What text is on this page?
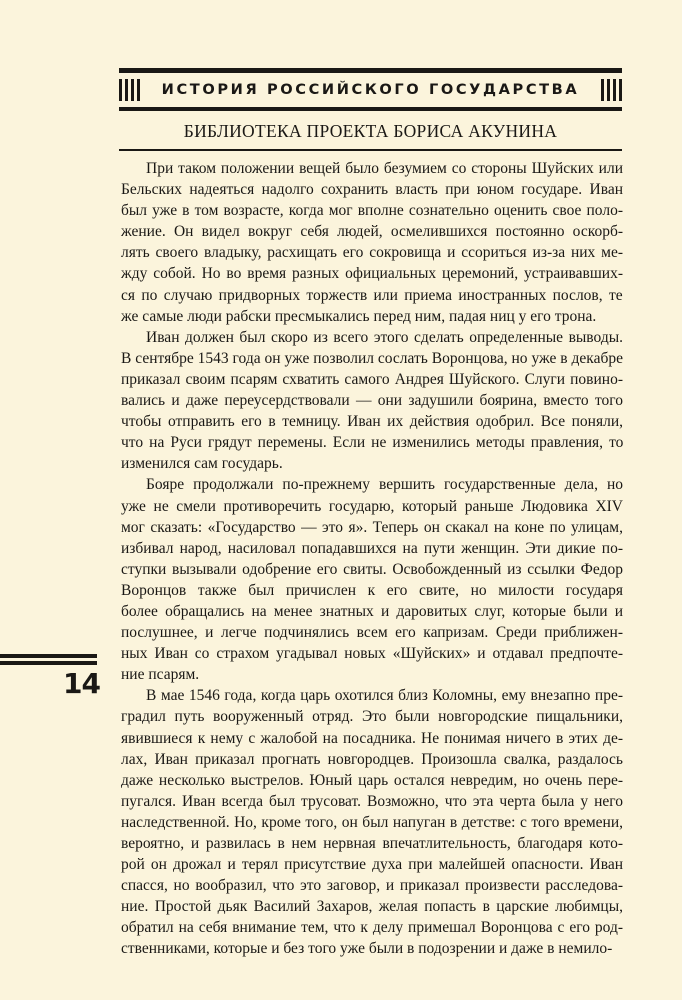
ИСТОРИЯ РОССИЙСКОГО ГОСУДАРСТВА
БИБЛИОТЕКА ПРОЕКТА БОРИСА АКУНИНА
При таком положении вещей было безумием со стороны Шуйских или
Бельских надеяться надолго сохранить власть при юном государе. Иван
был уже в том возрасте, когда мог вполне сознательно оценить свое поло-
жение. Он видел вокруг себя людей, осмелившихся постоянно оскорб-
лять своего владыку, расхищать его сокровища и ссориться из-за них ме-
жду собой. Но во время разных официальных церемоний, устраивавших-
ся по случаю придворных торжеств или приема иностранных послов, те
же самые люди рабски пресмыкались перед ним, падая ниц у его трона.
Иван должен был скоро из всего этого сделать определенные выводы.
В сентябре 1543 года он уже позволил сослать Воронцова, но уже в декабре
приказал своим псарям схватить самого Андрея Шуйского. Слуги повино-
вались и даже переусердствовали — они задушили боярина, вместо того
чтобы отправить его в темницу. Иван их действия одобрил. Все поняли,
что на Руси грядут перемены. Если не изменились методы правления, то
изменился сам государь.
Бояре продолжали по-прежнему вершить государственные дела, но
уже не смели противоречить государю, который раньше Людовика XIV
мог сказать: «Государство — это я». Теперь он скакал на коне по улицам,
избивал народ, насиловал попадавшихся на пути женщин. Эти дикие по-
ступки вызывали одобрение его свиты. Освобожденный из ссылки Федор
Воронцов также был причислен к его свите, но милости государя
более обращались на менее знатных и даровитых слуг, которые были и
послушнее, и легче подчинялись всем его капризам. Среди приближен-
ных Иван со страхом угадывал новых «Шуйских» и отдавал предпочте-
ние псарям.
В мае 1546 года, когда царь охотился близ Коломны, ему внезапно пре-
градил путь вооруженный отряд. Это были новгородские пищальники,
явившиеся к нему с жалобой на посадника. Не понимая ничего в этих де-
лах, Иван приказал прогнать новгородцев. Произошла свалка, раздалось
даже несколько выстрелов. Юный царь остался невредим, но очень пере-
пугался. Иван всегда был трусоват. Возможно, что эта черта была у него
наследственной. Но, кроме того, он был напуган в детстве: с того времени,
вероятно, и развилась в нем нервная впечатлительность, благодаря кото-
рой он дрожал и терял присутствие духа при малейшей опасности. Иван
спасся, но вообразил, что это заговор, и приказал произвести расследова-
ние. Простой дьяк Василий Захаров, желая попасть в царские любимцы,
обратил на себя внимание тем, что к делу примешал Воронцова с его род-
ственниками, которые и без того уже были в подозрении и даже в немило-
14
